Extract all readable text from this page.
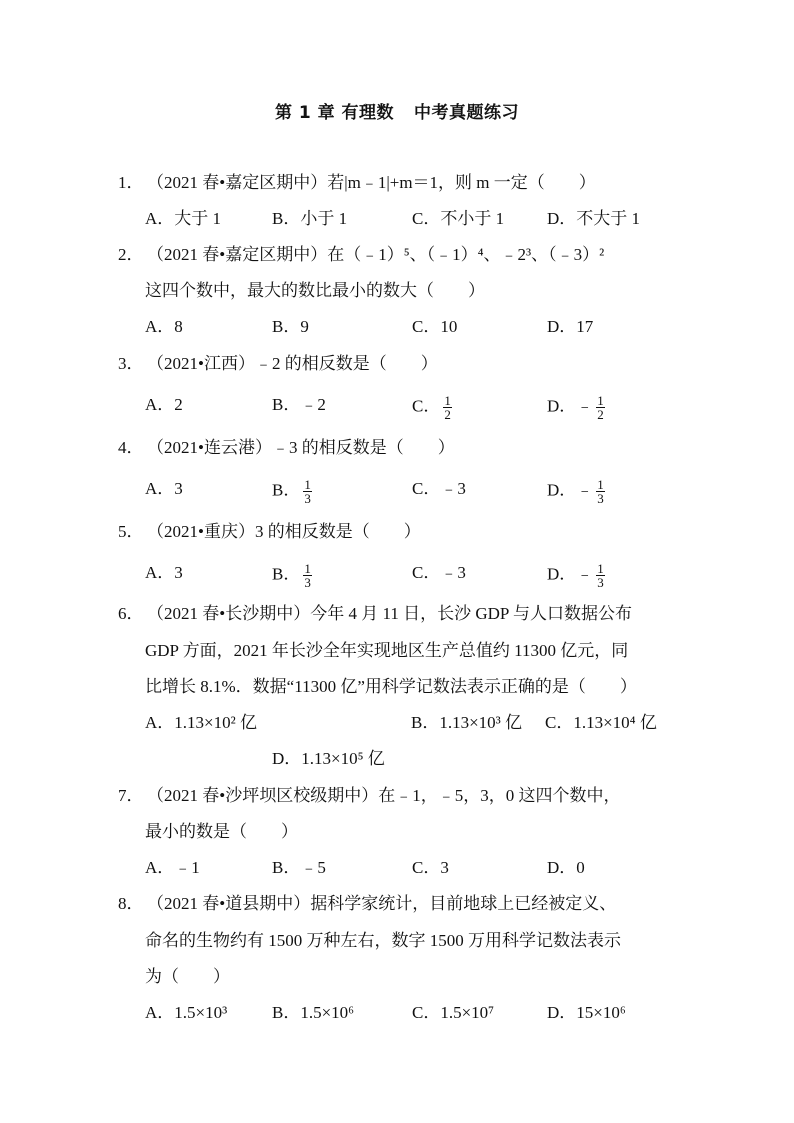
第 1 章 有理数 中考真题练习
1． （2021 春•嘉定区期中）若|m﹣1|+m＝1，则 m 一定（　　）
A．大于 1	B．小于 1	C．不小于 1	D．不大于 1
2． （2021 春•嘉定区期中）在（﹣1）⁵、（﹣1）⁴、﹣2³、（﹣3）²
这四个数中，最大的数比最小的数大（　　）
A．8	B．9	C．10	D．17
3． （2021•江西）﹣2 的相反数是（　　）
A．2	B．﹣2	C． $\frac{1}{2}$	D．﹣ $\frac{1}{2}$
4． （2021•连云港）﹣3 的相反数是（　　）
A．3	B． $\frac{1}{3}$	C．﹣3	D．﹣ $\frac{1}{3}$
5． （2021•重庆）3 的相反数是（　　）
A．3	B． $\frac{1}{3}$	C．﹣3	D．﹣ $\frac{1}{3}$
6． （2021 春•长沙期中）今年 4 月 11 日，长沙 GDP 与人口数据公布
GDP 方面，2021 年长沙全年实现地区生产总值约 11300 亿元，同
比增长 8.1%．数据“11300 亿”用科学记数法表示正确的是（　　）
A．1.13×10² 亿	B．1.13×10³ 亿 C．1.13×10⁴ 亿
D．1.13×10⁵ 亿
7． （2021 春•沙坪坝区校级期中）在﹣1，﹣5，3，0 这四个数中，
最小的数是（　　）
A．﹣1	B．﹣5	C．3	D．0
8． （2021 春•道县期中）据科学家统计，目前地球上已经被定义、
命名的生物约有 1500 万种左右，数字 1500 万用科学记数法表示
为（　　）
A．1.5×10³	B．1.5×10⁶	C．1.5×10⁷	D．15×10⁶
